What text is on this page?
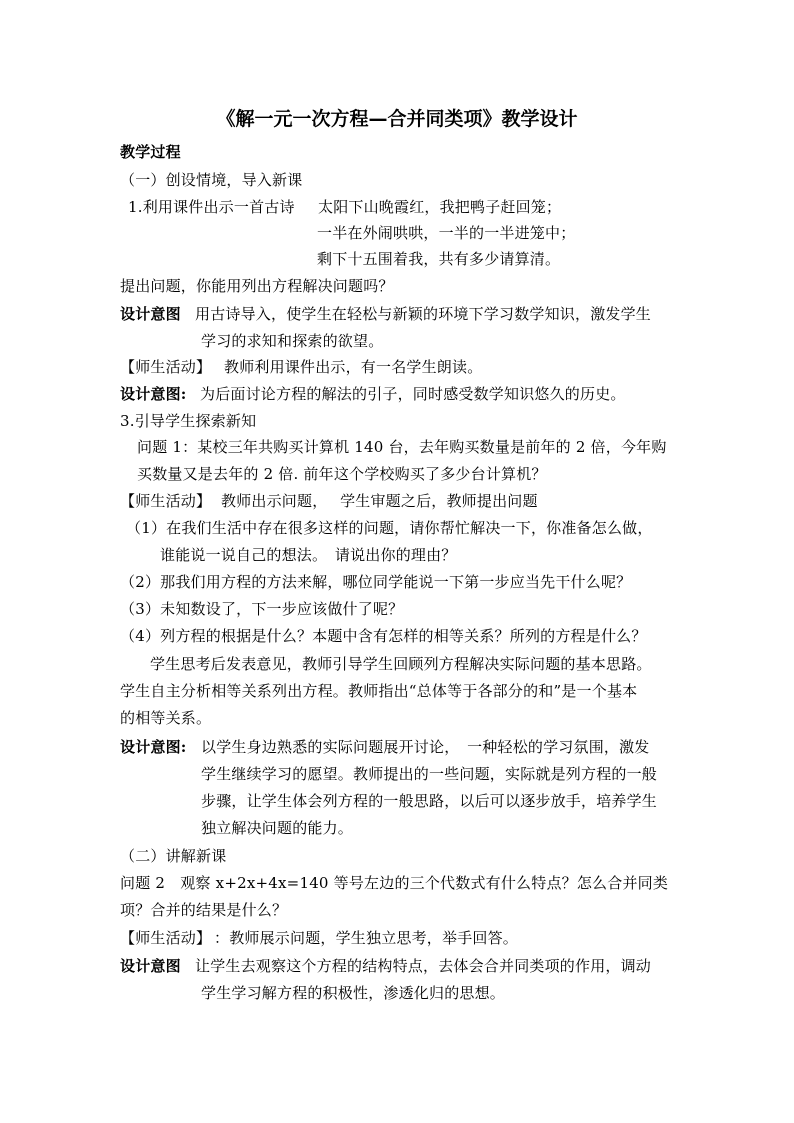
《解一元一次方程—合并同类项》教学设计
教学过程
（一）创设情境，导入新课
1.利用课件出示一首古诗 太阳下山晚霞红，我把鸭子赶回笼；
一半在外闹哄哄，一半的一半进笼中；
剩下十五围着我，共有多少请算清。
提出问题，你能用列出方程解决问题吗？
设计意图 用古诗导入，使学生在轻松与新颖的环境下学习数学知识，激发学生
学习的求知和探索的欲望。
【师生活动】 教师利用课件出示，有一名学生朗读。
设计意图: 为后面讨论方程的解法的引子，同时感受数学知识悠久的历史。
3.引导学生探索新知
问题 1：某校三年共购买计算机 140 台，去年购买数量是前年的 2 倍，今年购
买数量又是去年的 2 倍. 前年这个学校购买了多少台计算机？
【师生活动】 教师出示问题，　 学生审题之后，教师提出问题
（1）在我们生活中存在很多这样的问题，请你帮忙解决一下，你准备怎么做，
谁能说一说自己的想法。　请说出你的理由？
（2）那我们用方程的方法来解，哪位同学能说一下第一步应当先干什么呢？
（3）未知数设了，下一步应该做什了呢？
（4）列方程的根据是什么？本题中含有怎样的相等关系？所列的方程是什么？
学生思考后发表意见，教师引导学生回顾列方程解决实际问题的基本思路。
学生自主分析相等关系列出方程。教师指出“总体等于各部分的和”是一个基本
的相等关系。
设计意图: 以学生身边熟悉的实际问题展开讨论，　一种轻松的学习氛围，激发
学生继续学习的愿望。教师提出的一些问题，实际就是列方程的一般
步骤，让学生体会列方程的一般思路，以后可以逐步放手，培养学生
独立解决问题的能力。
（二）讲解新课
问题 2　观察 x+2x+4x=140 等号左边的三个代数式有什么特点？怎么合并同类
项？合并的结果是什么？
【师生活动】 ：教师展示问题，学生独立思考，举手回答。
设计意图 让学生去观察这个方程的结构特点，去体会合并同类项的作用，调动
学生学习解方程的积极性，渗透化归的思想。
